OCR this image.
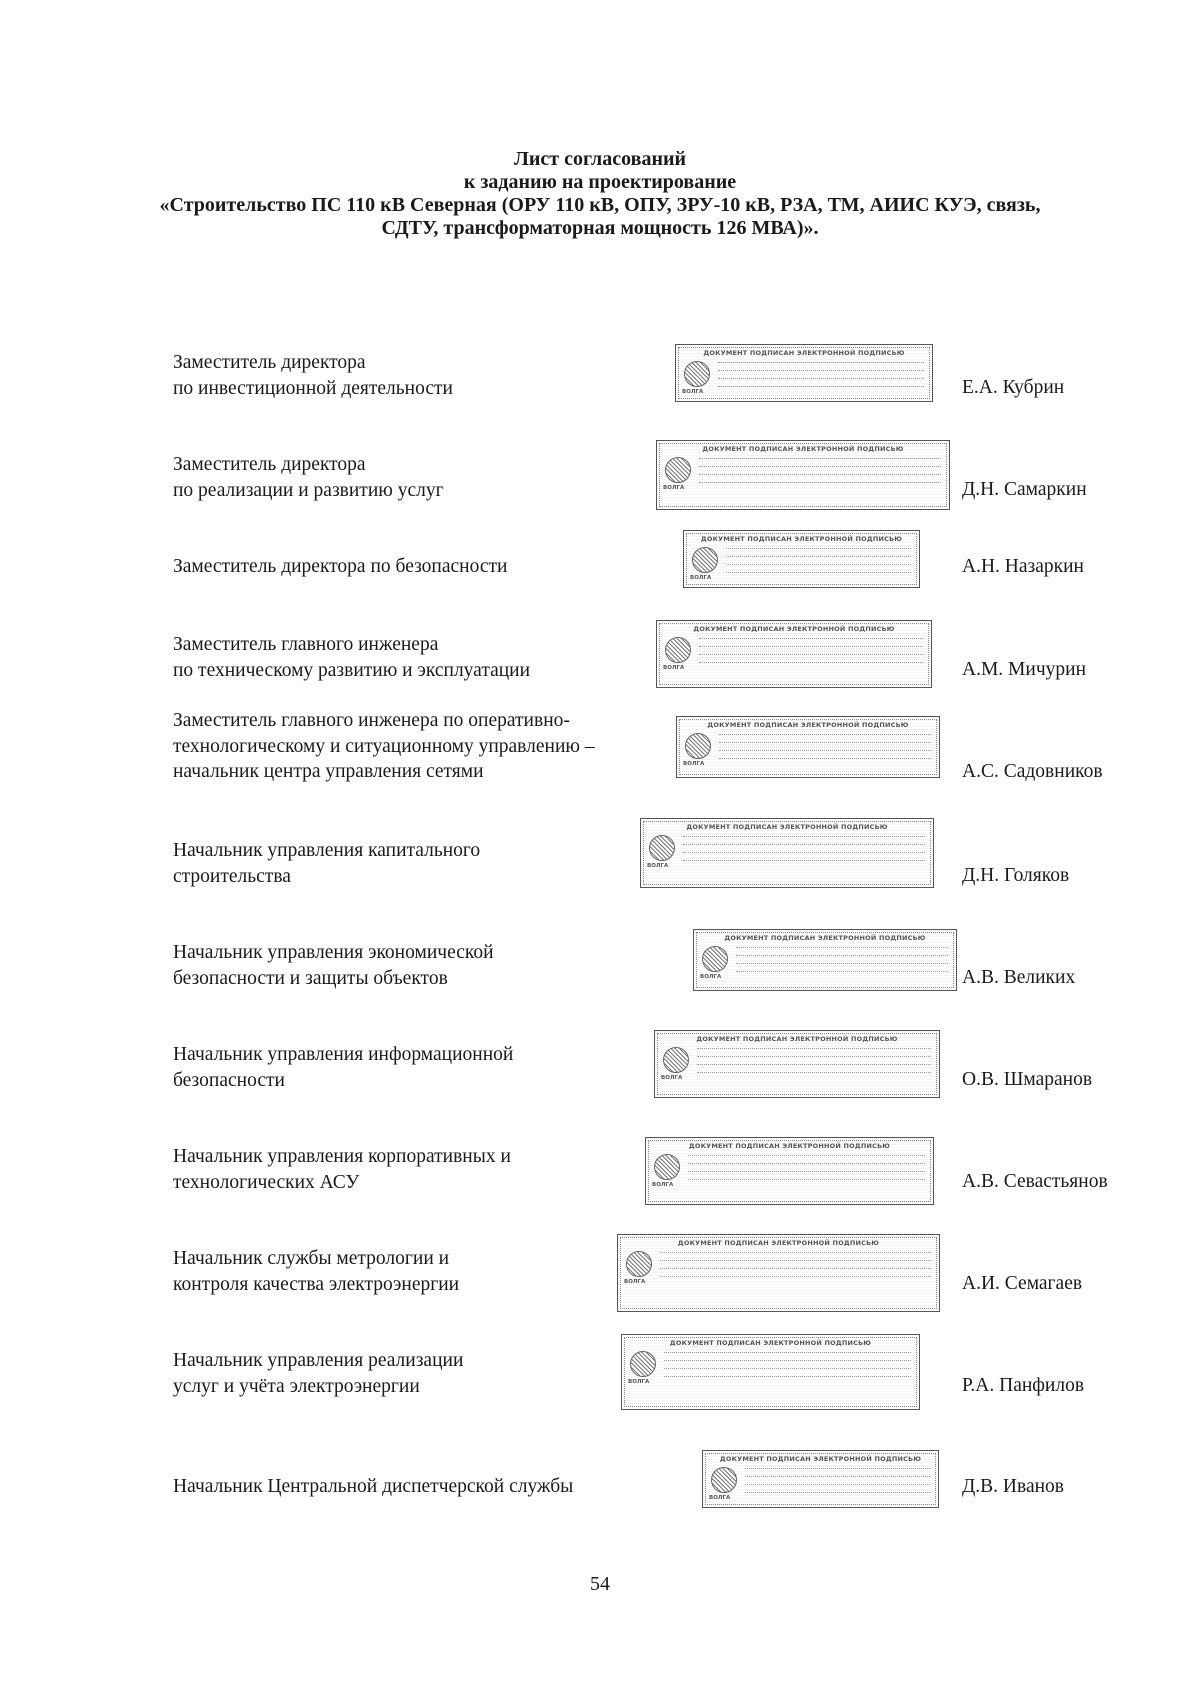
Лист согласований
к заданию на проектирование
«Строительство ПС 110 кВ Северная (ОРУ 110 кВ, ОПУ, ЗРУ-10 кВ, РЗА, ТМ, АИИС КУЭ, связь,
СДТУ, трансформаторная мощность 126 МВА)».
Заместитель директора
по инвестиционной деятельности
ДОКУМЕНТ ПОДПИСАН ЭЛЕКТРОННОЙ ПОДПИСЬЮ
ВОЛГА	Е.А. Кубрин
Заместитель директора
по реализации и развитию услуг
ДОКУМЕНТ ПОДПИСАН ЭЛЕКТРОННОЙ ПОДПИСЬЮ
ВОЛГА	Д.Н. Самаркин
Заместитель директора по безопасности
ДОКУМЕНТ ПОДПИСАН ЭЛЕКТРОННОЙ ПОДПИСЬЮ
ВОЛГА
А.Н. Назаркин
Заместитель главного инженера
по техническому развитию и эксплуатации
ДОКУМЕНТ ПОДПИСАН ЭЛЕКТРОННОЙ ПОДПИСЬЮ
ВОЛГА	А.М. Мичурин
Заместитель главного инженера по оперативно-
технологическому и ситуационному управлению –
начальник центра управления сетями
ДОКУМЕНТ ПОДПИСАН ЭЛЕКТРОННОЙ ПОДПИСЬЮ
ВОЛГА	А.С. Садовников
Начальник управления капитального
строительства
ДОКУМЕНТ ПОДПИСАН ЭЛЕКТРОННОЙ ПОДПИСЬЮ
ВОЛГА	Д.Н. Голяков
Начальник управления экономической
безопасности и защиты объектов
ДОКУМЕНТ ПОДПИСАН ЭЛЕКТРОННОЙ ПОДПИСЬЮ
ВОЛГА	А.В. Великих
Начальник управления информационной
безопасности
ДОКУМЕНТ ПОДПИСАН ЭЛЕКТРОННОЙ ПОДПИСЬЮ
ВОЛГА	О.В. Шмаранов
Начальник управления корпоративных и
технологических АСУ
ДОКУМЕНТ ПОДПИСАН ЭЛЕКТРОННОЙ ПОДПИСЬЮ
ВОЛГА	А.В. Севастьянов
Начальник службы метрологии и
контроля качества электроэнергии
ДОКУМЕНТ ПОДПИСАН ЭЛЕКТРОННОЙ ПОДПИСЬЮ
ВОЛГА	А.И. Семагаев
Начальник управления реализации
услуг и учёта электроэнергии
ДОКУМЕНТ ПОДПИСАН ЭЛЕКТРОННОЙ ПОДПИСЬЮ
ВОЛГА	Р.А. Панфилов
Начальник Центральной диспетчерской службы
ДОКУМЕНТ ПОДПИСАН ЭЛЕКТРОННОЙ ПОДПИСЬЮ
ВОЛГА
Д.В. Иванов
54
